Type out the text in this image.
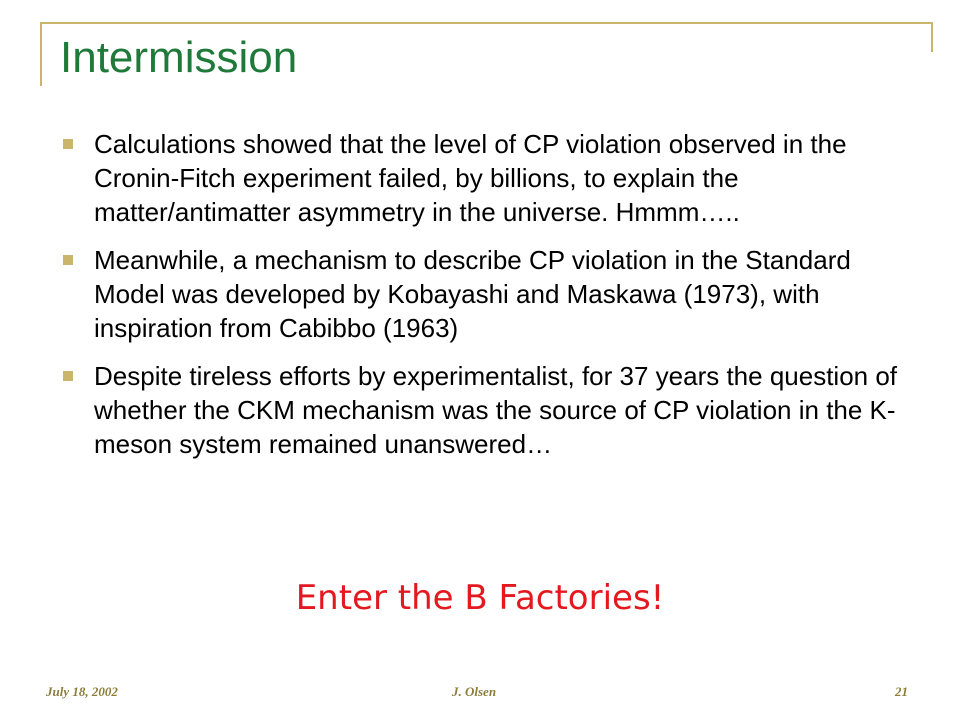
Intermission
Calculations showed that the level of CP violation observed in the Cronin-Fitch experiment failed, by billions, to explain the matter/antimatter asymmetry in the universe. Hmmm…..
Meanwhile, a mechanism to describe CP violation in the Standard Model was developed by Kobayashi and Maskawa (1973), with inspiration from Cabibbo (1963)
Despite tireless efforts by experimentalist, for 37 years the question of whether the CKM mechanism was the source of CP violation in the K-meson system remained unanswered…
Enter the B Factories!
July 18, 2002	J. Olsen	21
